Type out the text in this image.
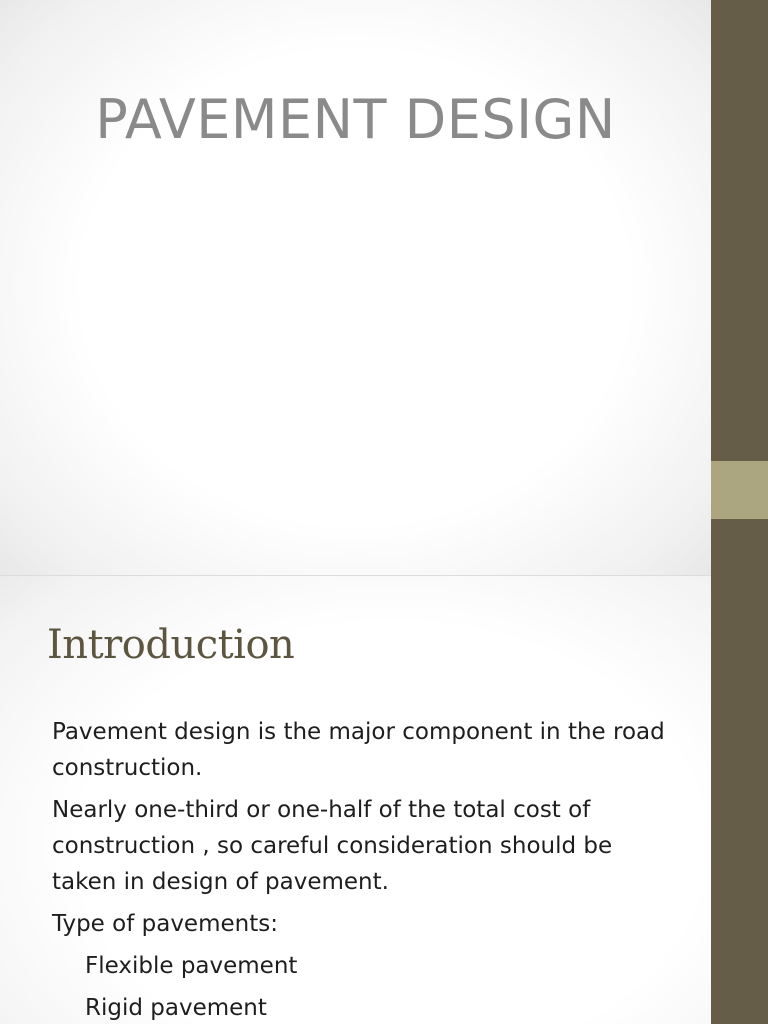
PAVEMENT DESIGN
Introduction

Pavement design is the major component in the road construction.

Nearly one-third or one-half of the total cost of construction , so careful consideration should be taken in design of pavement.

Type of pavements:

Flexible pavement

Rigid pavement
